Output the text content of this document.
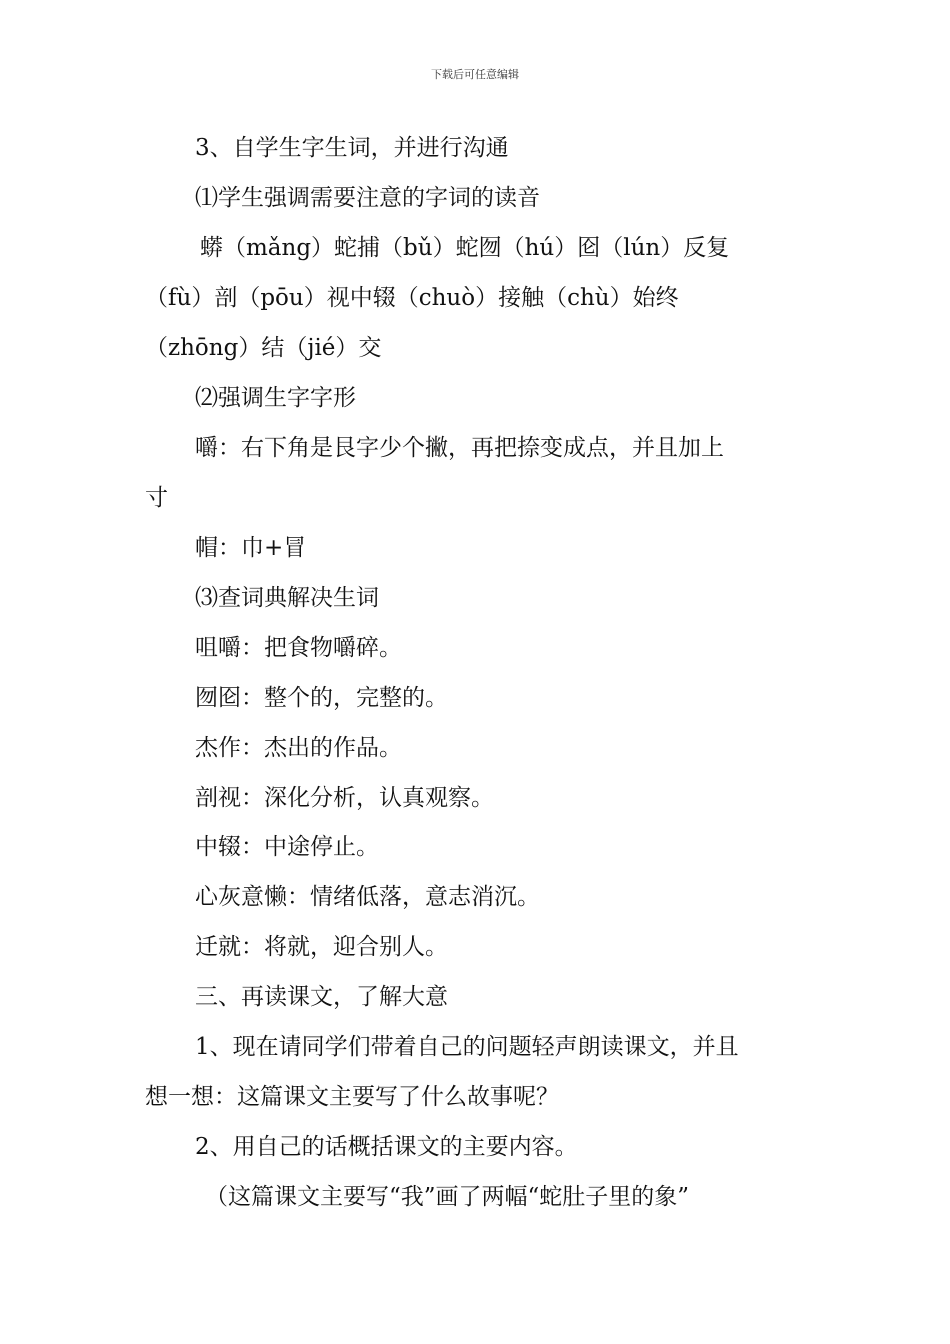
下载后可任意编辑
3、自学生字生词，并进行沟通
⑴学生强调需要注意的字词的读音
蟒（mǎng）蛇捕（bǔ）蛇囫（hú）囵（lún）反复
（fù）剖（pōu）视中辍（chuò）接触（chù）始终
（zhōng）结（jié）交
⑵强调生字字形
嚼：右下角是艮字少个撇，再把捺变成点，并且加上
寸
帽：巾+冒
⑶查词典解决生词
咀嚼：把食物嚼碎。
囫囵：整个的，完整的。
杰作：杰出的作品。
剖视：深化分析，认真观察。
中辍：中途停止。
心灰意懒：情绪低落，意志消沉。
迁就：将就，迎合别人。
三、再读课文，了解大意
1、现在请同学们带着自己的问题轻声朗读课文，并且
想一想：这篇课文主要写了什么故事呢？
2、用自己的话概括课文的主要内容。
（这篇课文主要写“我”画了两幅“蛇肚子里的象”
